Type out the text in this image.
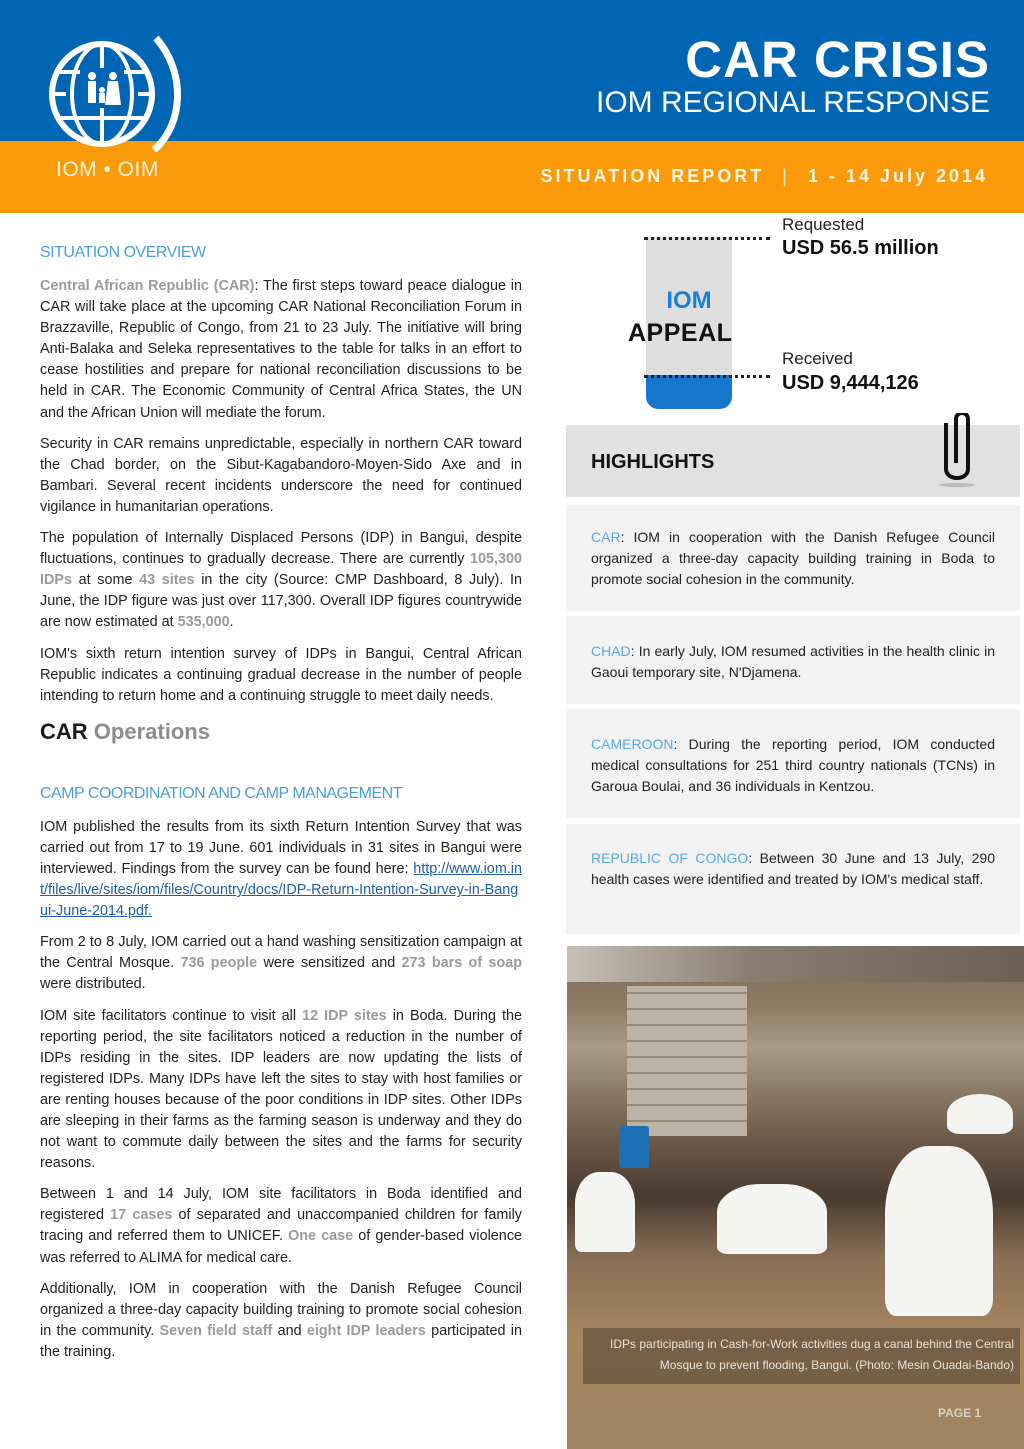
IOM • OIM
CAR CRISIS
IOM REGIONAL RESPONSE
SITUATION REPORT | 1 - 14 July 2014
SITUATION OVERVIEW

Central African Republic (CAR): The first steps toward peace dialogue in CAR will take place at the upcoming CAR National Reconciliation Forum in Brazzaville, Republic of Congo, from 21 to 23 July. The initiative will bring Anti-Balaka and Seleka representatives to the table for talks in an effort to cease hostilities and prepare for national reconciliation discussions to be held in CAR. The Economic Community of Central Africa States, the UN and the African Union will mediate the forum.

Security in CAR remains unpredictable, especially in northern CAR toward the Chad border, on the Sibut-Kagabandoro-Moyen-Sido Axe and in Bambari. Several recent incidents underscore the need for continued vigilance in humanitarian operations.

The population of Internally Displaced Persons (IDP) in Bangui, despite fluctuations, continues to gradually decrease. There are currently 105,300 IDPs at some 43 sites in the city (Source: CMP Dashboard, 8 July). In June, the IDP figure was just over 117,300. Overall IDP figures countrywide are now estimated at 535,000.

IOM's sixth return intention survey of IDPs in Bangui, Central African Republic indicates a continuing gradual decrease in the number of people intending to return home and a continuing struggle to meet daily needs.

CAR Operations
CAMP COORDINATION AND CAMP MANAGEMENT

IOM published the results from its sixth Return Intention Survey that was carried out from 17 to 19 June. 601 individuals in 31 sites in Bangui were interviewed. Findings from the survey can be found here: http://www.iom.int/files/live/sites/iom/files/Country/docs/IDP-Return-Intention-Survey-in-Bangui-June-2014.pdf.

From 2 to 8 July, IOM carried out a hand washing sensitization campaign at the Central Mosque. 736 people were sensitized and 273 bars of soap were distributed.

IOM site facilitators continue to visit all 12 IDP sites in Boda. During the reporting period, the site facilitators noticed a reduction in the number of IDPs residing in the sites. IDP leaders are now updating the lists of registered IDPs. Many IDPs have left the sites to stay with host families or are renting houses because of the poor conditions in IDP sites. Other IDPs are sleeping in their farms as the farming season is underway and they do not want to commute daily between the sites and the farms for security reasons.

Between 1 and 14 July, IOM site facilitators in Boda identified and registered 17 cases of separated and unaccompanied children for family tracing and referred them to UNICEF. One case of gender-based violence was referred to ALIMA for medical care.

Additionally, IOM in cooperation with the Danish Refugee Council organized a three-day capacity building training to promote social cohesion in the community. Seven field staff and eight IDP leaders participated in the training.

IOM
APPEAL
Requested
USD 56.5 million
Received
USD 9,444,126
HIGHLIGHTS

CAR: IOM in cooperation with the Danish Refugee Council organized a three-day capacity building training in Boda to promote social cohesion in the community.

CHAD: In early July, IOM resumed activities in the health clinic in Gaoui temporary site, N'Djamena.

CAMEROON: During the reporting period, IOM conducted medical consultations for 251 third country nationals (TCNs) in Garoua Boulai, and 36 individuals in Kentzou.

REPUBLIC OF CONGO: Between 30 June and 13 July, 290 health cases were identified and treated by IOM's medical staff.

IDPs participating in Cash-for-Work activities dug a canal behind the Central Mosque to prevent flooding, Bangui. (Photo: Mesin Ouadai-Bando)
PAGE 1
